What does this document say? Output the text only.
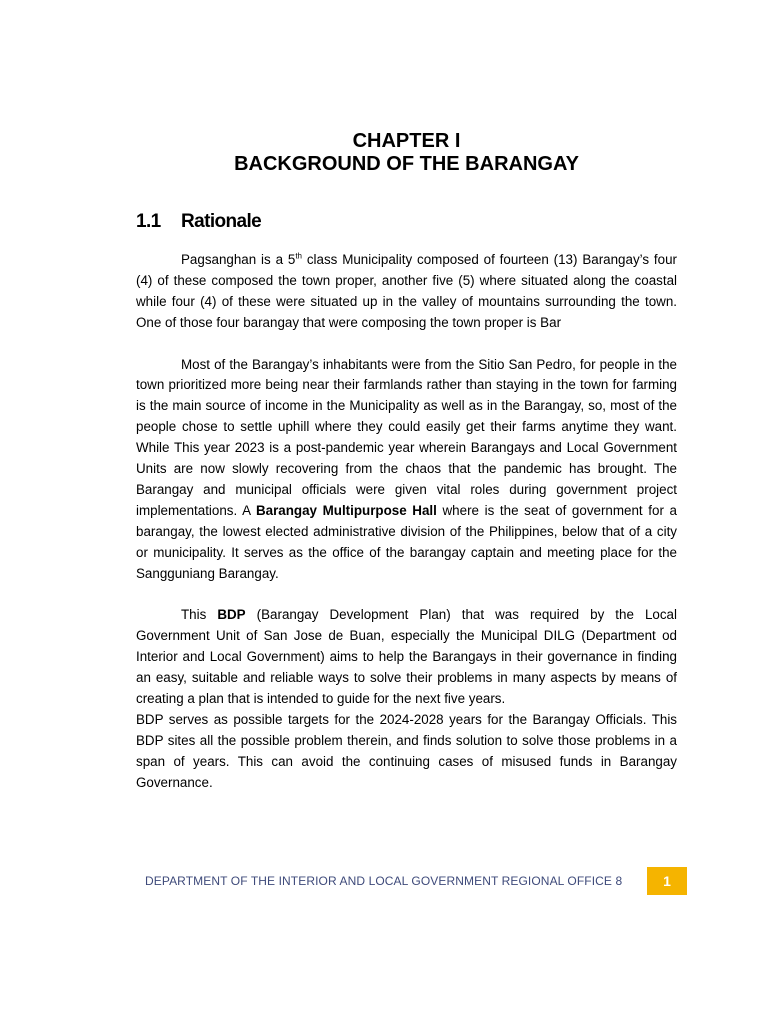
CHAPTER I
BACKGROUND OF THE BARANGAY
1.1 Rationale

Pagsanghan is a 5th class Municipality composed of fourteen (13) Barangay’s four (4) of these composed the town proper, another five (5) where situated along the coastal while four (4) of these were situated up in the valley of mountains surrounding the town. One of those four barangay that were composing the town proper is Bar

Most of the Barangay’s inhabitants were from the Sitio San Pedro, for people in the town prioritized more being near their farmlands rather than staying in the town for farming is the main source of income in the Municipality as well as in the Barangay, so, most of the people chose to settle uphill where they could easily get their farms anytime they want. While This year 2023 is a post-pandemic year wherein Barangays and Local Government Units are now slowly recovering from the chaos that the pandemic has brought. The Barangay and municipal officials were given vital roles during government project implementations. A Barangay Multipurpose Hall where is the seat of government for a barangay, the lowest elected administrative division of the Philippines, below that of a city or municipality. It serves as the office of the barangay captain and meeting place for the Sangguniang Barangay.

This BDP (Barangay Development Plan) that was required by the Local Government Unit of San Jose de Buan, especially the Municipal DILG (Department od Interior and Local Government) aims to help the Barangays in their governance in finding an easy, suitable and reliable ways to solve their problems in many aspects by means of creating a plan that is intended to guide for the next five years.

BDP serves as possible targets for the 2024-2028 years for the Barangay Officials. This BDP sites all the possible problem therein, and finds solution to solve those problems in a span of years. This can avoid the continuing cases of misused funds in Barangay Governance.

DEPARTMENT OF THE INTERIOR AND LOCAL GOVERNMENT REGIONAL OFFICE 8	1
